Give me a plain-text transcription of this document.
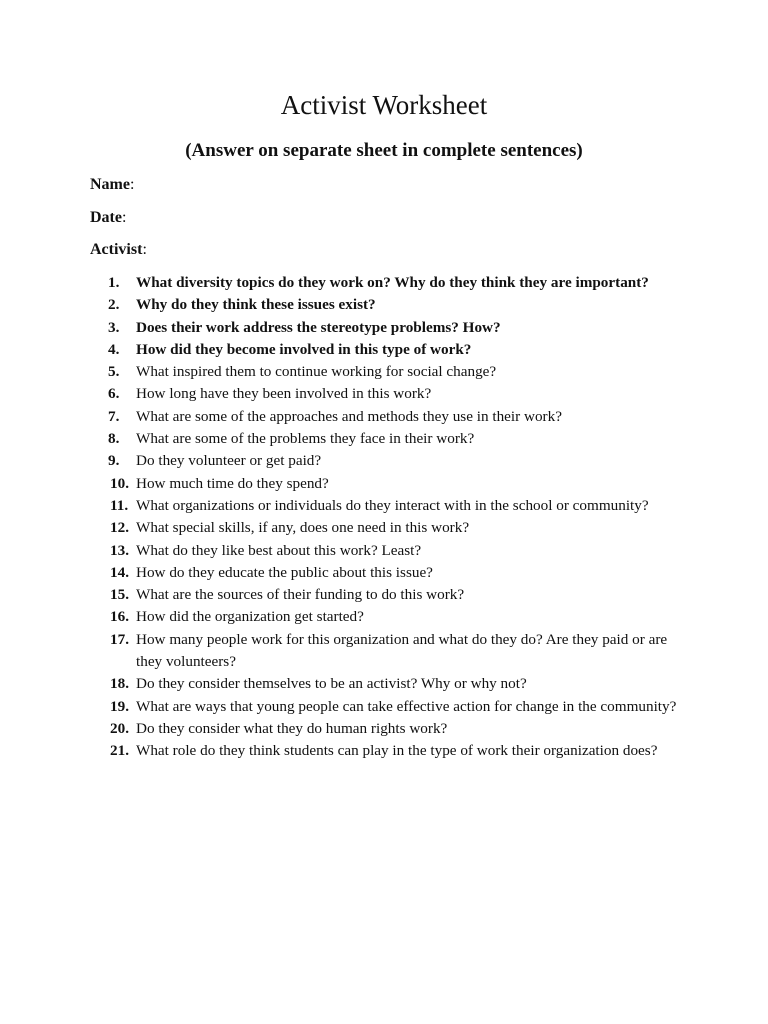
Activist Worksheet
(Answer on separate sheet in complete sentences)
Name:
Date:
Activist:
1. What diversity topics do they work on? Why do they think they are important?
2. Why do they think these issues exist?
3. Does their work address the stereotype problems? How?
4. How did they become involved in this type of work?
5. What inspired them to continue working for social change?
6. How long have they been involved in this work?
7. What are some of the approaches and methods they use in their work?
8. What are some of the problems they face in their work?
9. Do they volunteer or get paid?
10. How much time do they spend?
11. What organizations or individuals do they interact with in the school or community?
12. What special skills, if any, does one need in this work?
13. What do they like best about this work? Least?
14. How do they educate the public about this issue?
15. What are the sources of their funding to do this work?
16. How did the organization get started?
17. How many people work for this organization and what do they do? Are they paid or are they volunteers?
18. Do they consider themselves to be an activist? Why or why not?
19. What are ways that young people can take effective action for change in the community?
20. Do they consider what they do human rights work?
21. What role do they think students can play in the type of work their organization does?
